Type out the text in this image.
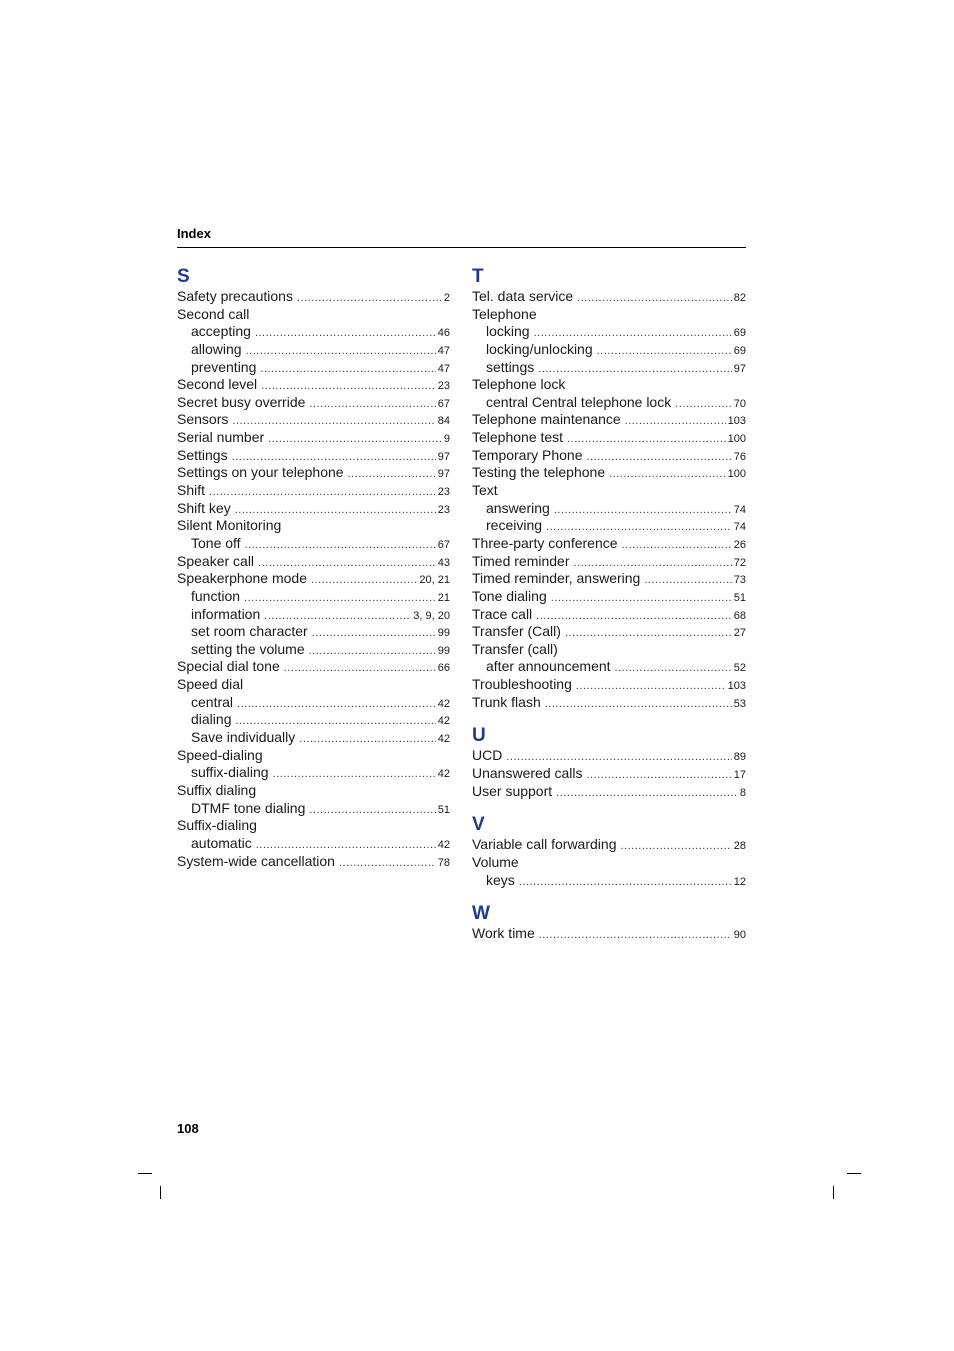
Index
S
Safety precautions .....	2
Second call
accepting .....	46
allowing .....	47
preventing .....	47
Second level .....	23
Secret busy override .....	67
Sensors .....	84
Serial number .....	9
Settings .....	97
Settings on your telephone .....	97
Shift .....	23
Shift key .....	23
Silent Monitoring
Tone off .....	67
Speaker call .....	43
Speakerphone mode .....	20, 21
function .....	21
information .....	3, 9, 20
set room character .....	99
setting the volume .....	99
Special dial tone .....	66
Speed dial
central .....	42
dialing .....	42
Save individually .....	42
Speed-dialing
suffix-dialing .....	42
Suffix dialing
DTMF tone dialing .....	51
Suffix-dialing
automatic .....	42
System-wide cancellation .....	78
T
Tel. data service .....	82
Telephone
locking .....	69
locking/unlocking .....	69
settings .....	97
Telephone lock
central Central telephone lock .....	70
Telephone maintenance .....	103
Telephone test .....	100
Temporary Phone .....	76
Testing the telephone .....	100
Text
answering .....	74
receiving .....	74
Three-party conference .....	26
Timed reminder .....	72
Timed reminder, answering .....	73
Tone dialing .....	51
Trace call .....	68
Transfer (Call) .....	27
Transfer (call)
after announcement .....	52
Troubleshooting .....	103
Trunk flash .....	53
U
UCD .....	89
Unanswered calls .....	17
User support .....	8
V
Variable call forwarding .....	28
Volume
keys .....	12
W
Work time .....	90
108
